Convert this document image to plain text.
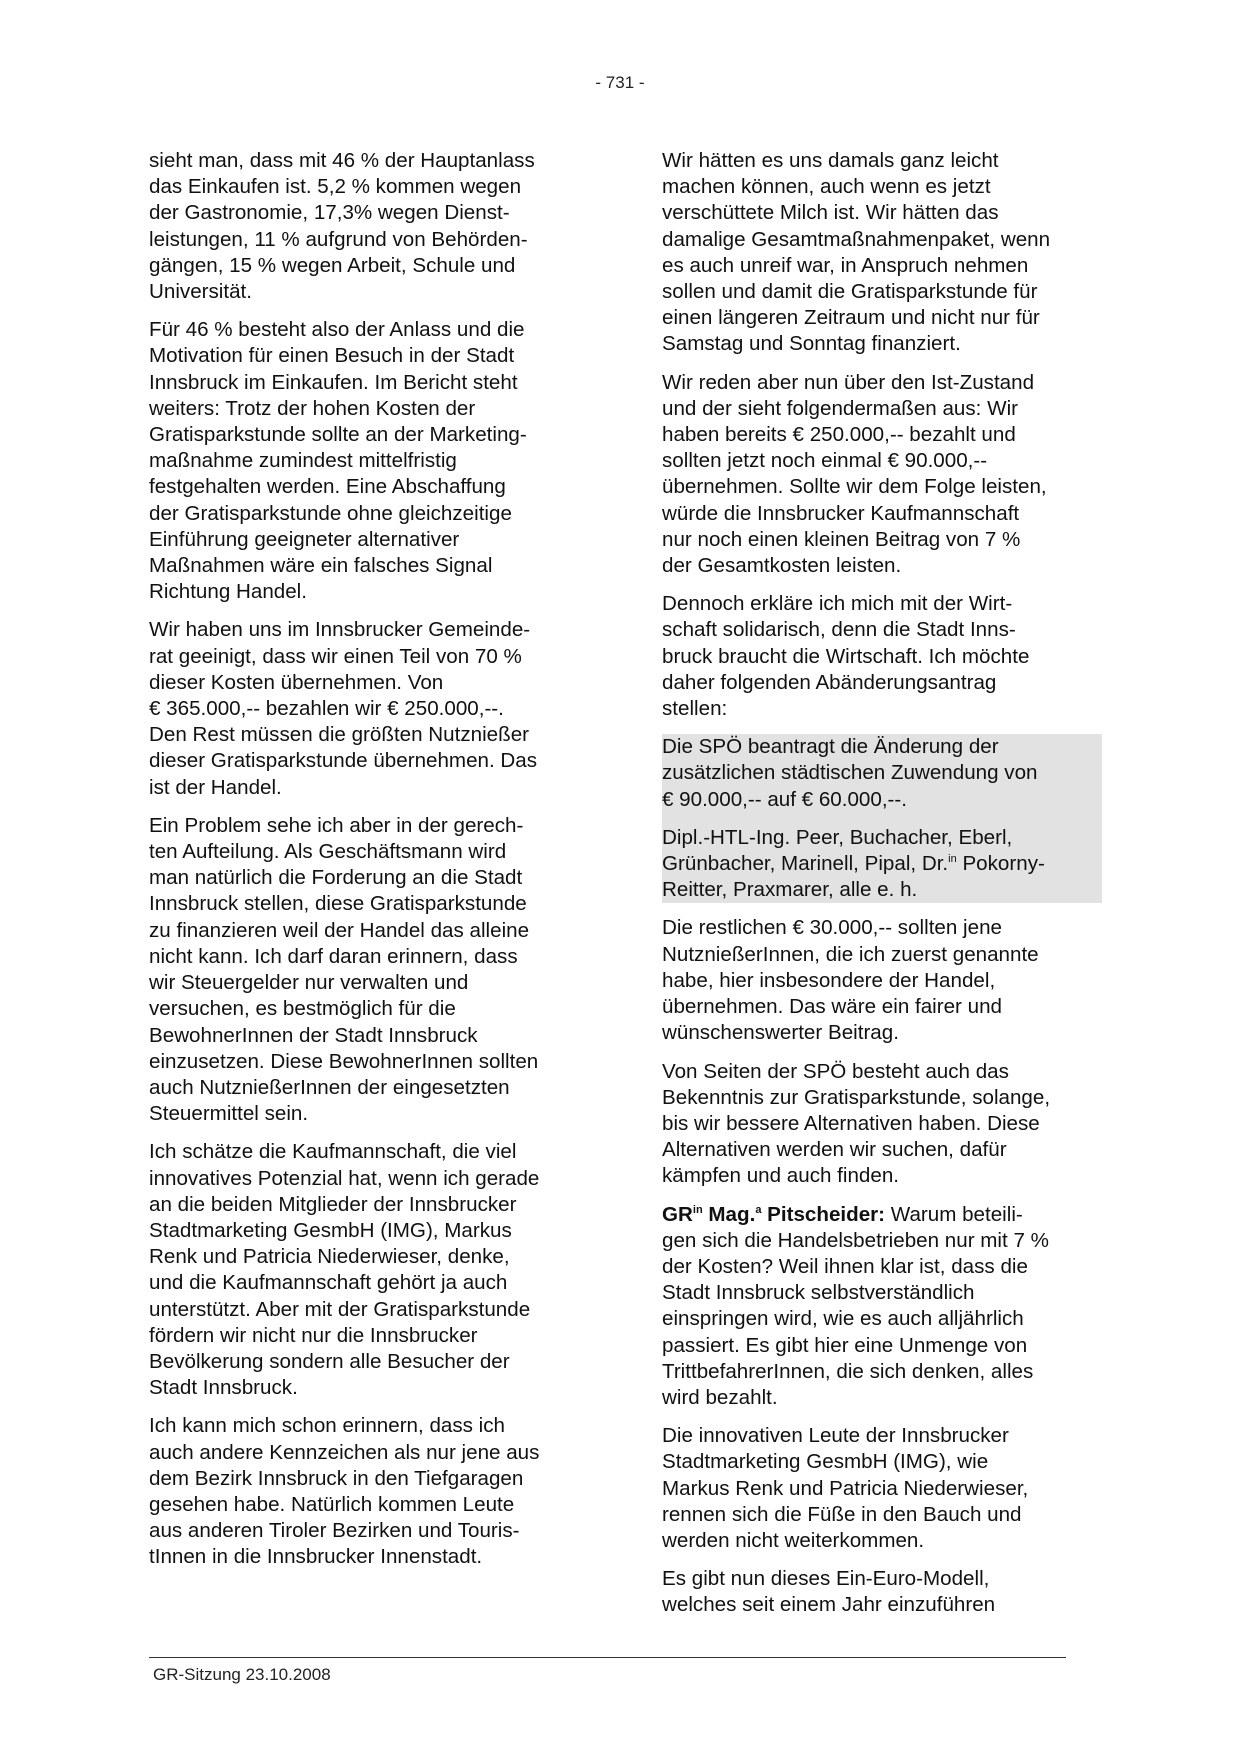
- 731 -

sieht man, dass mit 46 % der Hauptanlass
das Einkaufen ist. 5,2 % kommen wegen
der Gastronomie, 17,3% wegen Dienst-
leistungen, 11 % aufgrund von Behörden-
gängen, 15 % wegen Arbeit, Schule und
Universität.

Für 46 % besteht also der Anlass und die
Motivation für einen Besuch in der Stadt
Innsbruck im Einkaufen. Im Bericht steht
weiters: Trotz der hohen Kosten der
Gratisparkstunde sollte an der Marketing-
maßnahme zumindest mittelfristig
festgehalten werden. Eine Abschaffung
der Gratisparkstunde ohne gleichzeitige
Einführung geeigneter alternativer
Maßnahmen wäre ein falsches Signal
Richtung Handel.

Wir haben uns im Innsbrucker Gemeinde-
rat geeinigt, dass wir einen Teil von 70 %
dieser Kosten übernehmen. Von
€ 365.000,-- bezahlen wir € 250.000,--.
Den Rest müssen die größten Nutznießer
dieser Gratisparkstunde übernehmen. Das
ist der Handel.

Ein Problem sehe ich aber in der gerech-
ten Aufteilung. Als Geschäftsmann wird
man natürlich die Forderung an die Stadt
Innsbruck stellen, diese Gratisparkstunde
zu finanzieren weil der Handel das alleine
nicht kann. Ich darf daran erinnern, dass
wir Steuergelder nur verwalten und
versuchen, es bestmöglich für die
BewohnerInnen der Stadt Innsbruck
einzusetzen. Diese BewohnerInnen sollten
auch NutznießerInnen der eingesetzten
Steuermittel sein.

Ich schätze die Kaufmannschaft, die viel
innovatives Potenzial hat, wenn ich gerade
an die beiden Mitglieder der Innsbrucker
Stadtmarketing GesmbH (IMG), Markus
Renk und Patricia Niederwieser, denke,
und die Kaufmannschaft gehört ja auch
unterstützt. Aber mit der Gratisparkstunde
fördern wir nicht nur die Innsbrucker
Bevölkerung sondern alle Besucher der
Stadt Innsbruck.

Ich kann mich schon erinnern, dass ich
auch andere Kennzeichen als nur jene aus
dem Bezirk Innsbruck in den Tiefgaragen
gesehen habe. Natürlich kommen Leute
aus anderen Tiroler Bezirken und Touris-
tInnen in die Innsbrucker Innenstadt.

Wir hätten es uns damals ganz leicht
machen können, auch wenn es jetzt
verschüttete Milch ist. Wir hätten das
damalige Gesamtmaßnahmenpaket, wenn
es auch unreif war, in Anspruch nehmen
sollen und damit die Gratisparkstunde für
einen längeren Zeitraum und nicht nur für
Samstag und Sonntag finanziert.

Wir reden aber nun über den Ist-Zustand
und der sieht folgendermaßen aus: Wir
haben bereits € 250.000,-- bezahlt und
sollten jetzt noch einmal € 90.000,--
übernehmen. Sollte wir dem Folge leisten,
würde die Innsbrucker Kaufmannschaft
nur noch einen kleinen Beitrag von 7 %
der Gesamtkosten leisten.

Dennoch erkläre ich mich mit der Wirt-
schaft solidarisch, denn die Stadt Inns-
bruck braucht die Wirtschaft. Ich möchte
daher folgenden Abänderungsantrag
stellen:

Die SPÖ beantragt die Änderung der
zusätzlichen städtischen Zuwendung von
€ 90.000,-- auf € 60.000,--.

Dipl.-HTL-Ing. Peer, Buchacher, Eberl,
Grünbacher, Marinell, Pipal, Dr.$^{in}$ Pokorny-
Reitter, Praxmarer, alle e. h.

Die restlichen € 30.000,-- sollten jene
NutznießerInnen, die ich zuerst genannte
habe, hier insbesondere der Handel,
übernehmen. Das wäre ein fairer und
wünschenswerter Beitrag.

Von Seiten der SPÖ besteht auch das
Bekenntnis zur Gratisparkstunde, solange,
bis wir bessere Alternativen haben. Diese
Alternativen werden wir suchen, dafür
kämpfen und auch finden.

$GR^{in}$ Mag.$^a$ Pitscheider: Warum beteili-
gen sich die Handelsbetrieben nur mit 7 %
der Kosten? Weil ihnen klar ist, dass die
Stadt Innsbruck selbstverständlich
einspringen wird, wie es auch alljährlich
passiert. Es gibt hier eine Unmenge von
TrittbefahrerInnen, die sich denken, alles
wird bezahlt.

Die innovativen Leute der Innsbrucker
Stadtmarketing GesmbH (IMG), wie
Markus Renk und Patricia Niederwieser,
rennen sich die Füße in den Bauch und
werden nicht weiterkommen.

Es gibt nun dieses Ein-Euro-Modell,
welches seit einem Jahr einzuführen

GR-Sitzung 23.10.2008
